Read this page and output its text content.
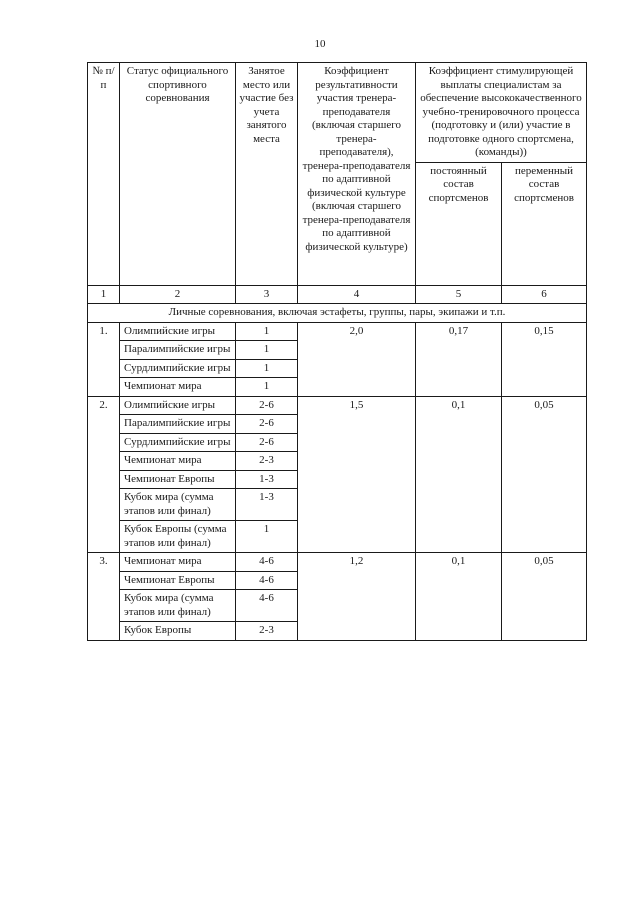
10
№ п/п	Статус официального спортивного соревнования	Занятое место или участие без учета занятого места	Коэффициент результативности участия тренера-преподавателя (включая старшего тренера-преподавателя), тренера-преподавателя по адаптивной физической культуре (включая старшего тренера-преподавателя по адаптивной физической культуре)	Коэффициент стимулирующей выплаты специалистам за обеспечение высококачественного учебно-тренировочного процесса (подготовку и (или) участие в подготовке одного спортсмена, (команды))	
				постоянный состав спортсменов	переменный состав спортсменов
1	2	3	4	5	6
Личные соревнования, включая эстафеты, группы, пары, экипажи и т.п.					
1.	Олимпийские игры	1	2,0	0,17	0,15
	Паралимпийские игры	1			
	Сурдлимпийские игры	1			
	Чемпионат мира	1			
2.	Олимпийские игры	2-6	1,5	0,1	0,05
	Паралимпийские игры	2-6			
	Сурдлимпийские игры	2-6			
	Чемпионат мира	2-3			
	Чемпионат Европы	1-3			
	Кубок мира (сумма этапов или финал)	1-3			
	Кубок Европы (сумма этапов или финал)	1			
3.	Чемпионат мира	4-6	1,2	0,1	0,05
	Чемпионат Европы	4-6			
	Кубок мира (сумма этапов или финал)	4-6			
	Кубок Европы	2-3			
